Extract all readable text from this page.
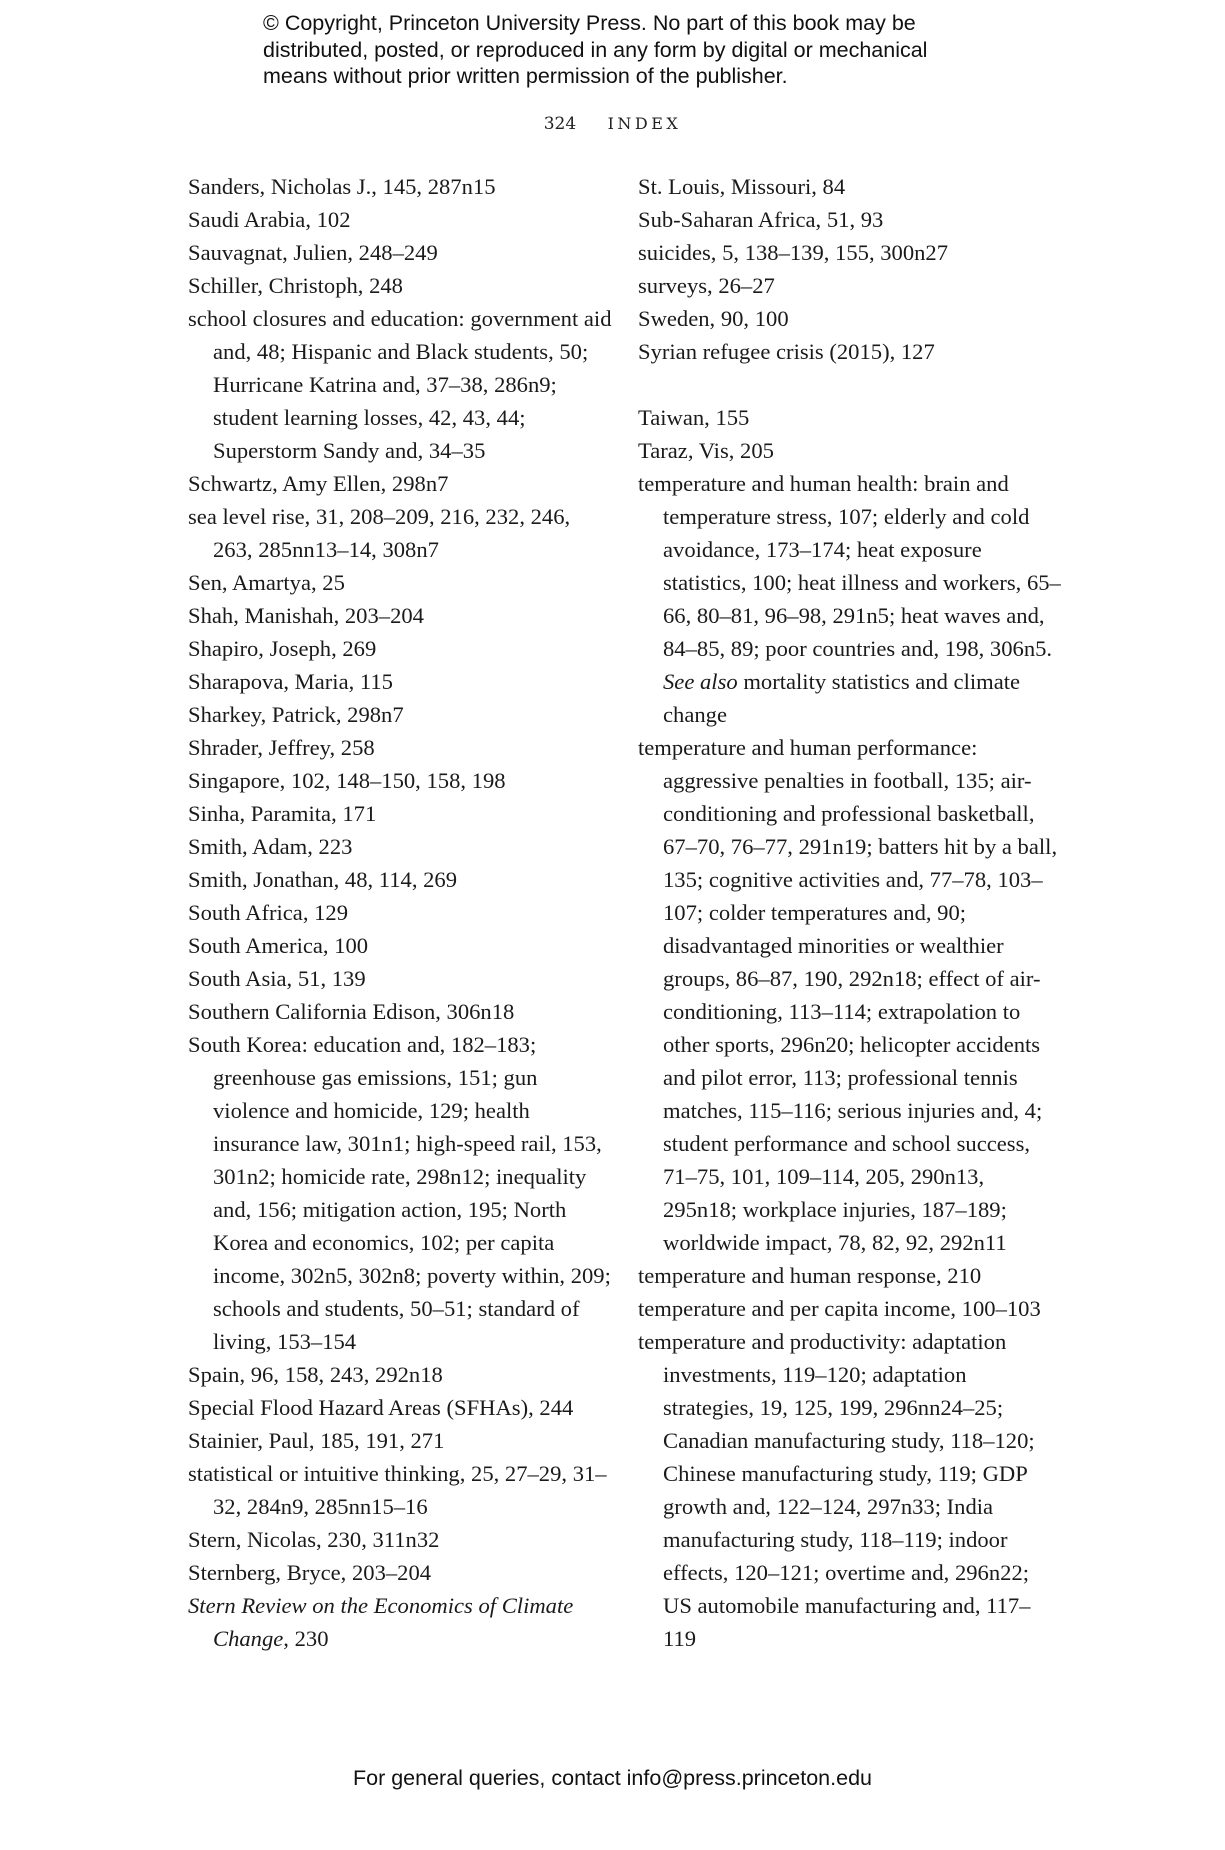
© Copyright, Princeton University Press. No part of this book may be
distributed, posted, or reproduced in any form by digital or mechanical
means without prior written permission of the publisher.
324 INDEX

Sanders, Nicholas J., 145, 287n15

Saudi Arabia, 102

Sauvagnat, Julien, 248–249

Schiller, Christoph, 248

school closures and education: government aid and, 48; Hispanic and Black students, 50; Hurricane Katrina and, 37–38, 286n9; student learning losses, 42, 43, 44; Superstorm Sandy and, 34–35

Schwartz, Amy Ellen, 298n7

sea level rise, 31, 208–209, 216, 232, 246, 263, 285nn13–14, 308n7

Sen, Amartya, 25

Shah, Manishah, 203–204

Shapiro, Joseph, 269

Sharapova, Maria, 115

Sharkey, Patrick, 298n7

Shrader, Jeffrey, 258

Singapore, 102, 148–150, 158, 198

Sinha, Paramita, 171

Smith, Adam, 223

Smith, Jonathan, 48, 114, 269

South Africa, 129

South America, 100

South Asia, 51, 139

Southern California Edison, 306n18

South Korea: education and, 182–183; greenhouse gas emissions, 151; gun violence and homicide, 129; health insurance law, 301n1; high-speed rail, 153, 301n2; homicide rate, 298n12; inequality and, 156; mitigation action, 195; North Korea and economics, 102; per capita income, 302n5, 302n8; poverty within, 209; schools and students, 50–51; standard of living, 153–154

Spain, 96, 158, 243, 292n18

Special Flood Hazard Areas (SFHAs), 244

Stainier, Paul, 185, 191, 271

statistical or intuitive thinking, 25, 27–29, 31–32, 284n9, 285nn15–16

Stern, Nicolas, 230, 311n32

Sternberg, Bryce, 203–204

Stern Review on the Economics of Climate Change, 230

St. Louis, Missouri, 84

Sub-Saharan Africa, 51, 93

suicides, 5, 138–139, 155, 300n27

surveys, 26–27

Sweden, 90, 100

Syrian refugee crisis (2015), 127

Taiwan, 155

Taraz, Vis, 205

temperature and human health: brain and temperature stress, 107; elderly and cold avoidance, 173–174; heat exposure statistics, 100; heat illness and workers, 65–66, 80–81, 96–98, 291n5; heat waves and, 84–85, 89; poor countries and, 198, 306n5.
See also mortality statistics and climate change

temperature and human performance: aggressive penalties in football, 135; air-conditioning and professional basketball, 67–70, 76–77, 291n19; batters hit by a ball, 135; cognitive activities and, 77–78, 103–107; colder temperatures and, 90; disadvantaged minorities or wealthier groups, 86–87, 190, 292n18; effect of air-conditioning, 113–114; extrapolation to other sports, 296n20; helicopter accidents and pilot error, 113; professional tennis matches, 115–116; serious injuries and, 4; student performance and school success, 71–75, 101, 109–114, 205, 290n13, 295n18; workplace injuries, 187–189; worldwide impact, 78, 82, 92, 292n11

temperature and human response, 210

temperature and per capita income, 100–103

temperature and productivity: adaptation investments, 119–120; adaptation strategies, 19, 125, 199, 296nn24–25; Canadian manufacturing study, 118–120; Chinese manufacturing study, 119; GDP growth and, 122–124, 297n33; India manufacturing study, 118–119; indoor effects, 120–121; overtime and, 296n22; US automobile manufacturing and, 117–119

For general queries, contact info@press.princeton.edu
